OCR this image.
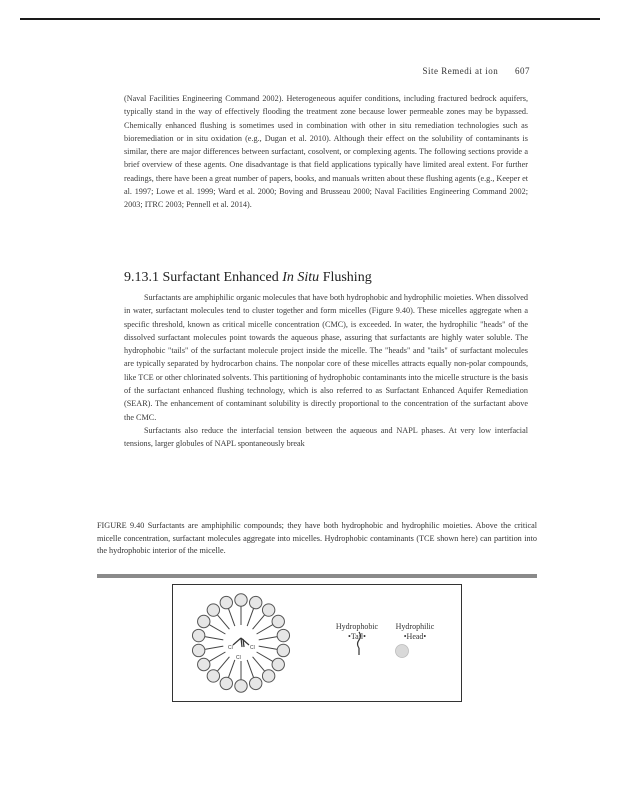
Site Remedi at ion 607

(Naval Facilities Engineering Command 2002). Heterogeneous aquifer conditions, including fractured bedrock aquifers, typically stand in the way of effectively flooding the treatment zone because lower permeable zones may be bypassed. Chemically enhanced flushing is sometimes used in combination with other in situ remediation technologies such as bioremediation or in situ oxidation (e.g., Dugan et al. 2010). Although their effect on the solubility of contaminants is similar, there are major differences between surfactant, cosolvent, or complexing agents. The following sections provide a brief overview of these agents. One disadvantage is that field applications typically have limited areal extent. For further readings, there have been a great number of papers, books, and manuals written about these flushing agents (e.g., Keeper et al. 1997; Lowe et al. 1999; Ward et al. 2000; Boving and Brusseau 2000; Naval Facilities Engineering Command 2002; 2003; ITRC 2003; Pennell et al. 2014).

9.13.1 Surfactant Enhanced In Situ Flushing

Surfactants are amphiphilic organic molecules that have both hydrophobic and hydrophilic moieties. When dissolved in water, surfactant molecules tend to cluster together and form micelles (Figure 9.40). These micelles aggregate when a specific threshold, known as critical micelle concentration (CMC), is exceeded. In water, the hydrophilic "heads" of the dissolved surfactant molecules point towards the aqueous phase, assuring that surfactants are highly water soluble. The hydrophobic "tails" of the surfactant molecule project inside the micelle. The "heads" and "tails" of surfactant molecules are typically separated by hydrocarbon chains. The nonpolar core of these micelles attracts equally non-polar compounds, like TCE or other chlorinated solvents. This partitioning of hydrophobic contaminants into the micelle structure is the basis of the surfactant enhanced flushing technology, which is also referred to as Surfactant Enhanced Aquifer Remediation (SEAR). The enhancement of contaminant solubility is directly proportional to the concentration of the surfactant above the CMC.

Surfactants also reduce the interfacial tension between the aqueous and NAPL phases. At very low interfacial tensions, larger globules of NAPL spontaneously break

FIGURE 9.40 Surfactants are amphiphilic compounds; they have both hydrophobic and hydrophilic moieties. Above the critical micelle concentration, surfactant molecules aggregate into micelles. Hydrophobic contaminants (TCE shown here) can partition into the hydrophobic interior of the micelle.
Cl	Cl
Cl
Hydrophobic
•Tail•
Hydrophilic
•Head•
